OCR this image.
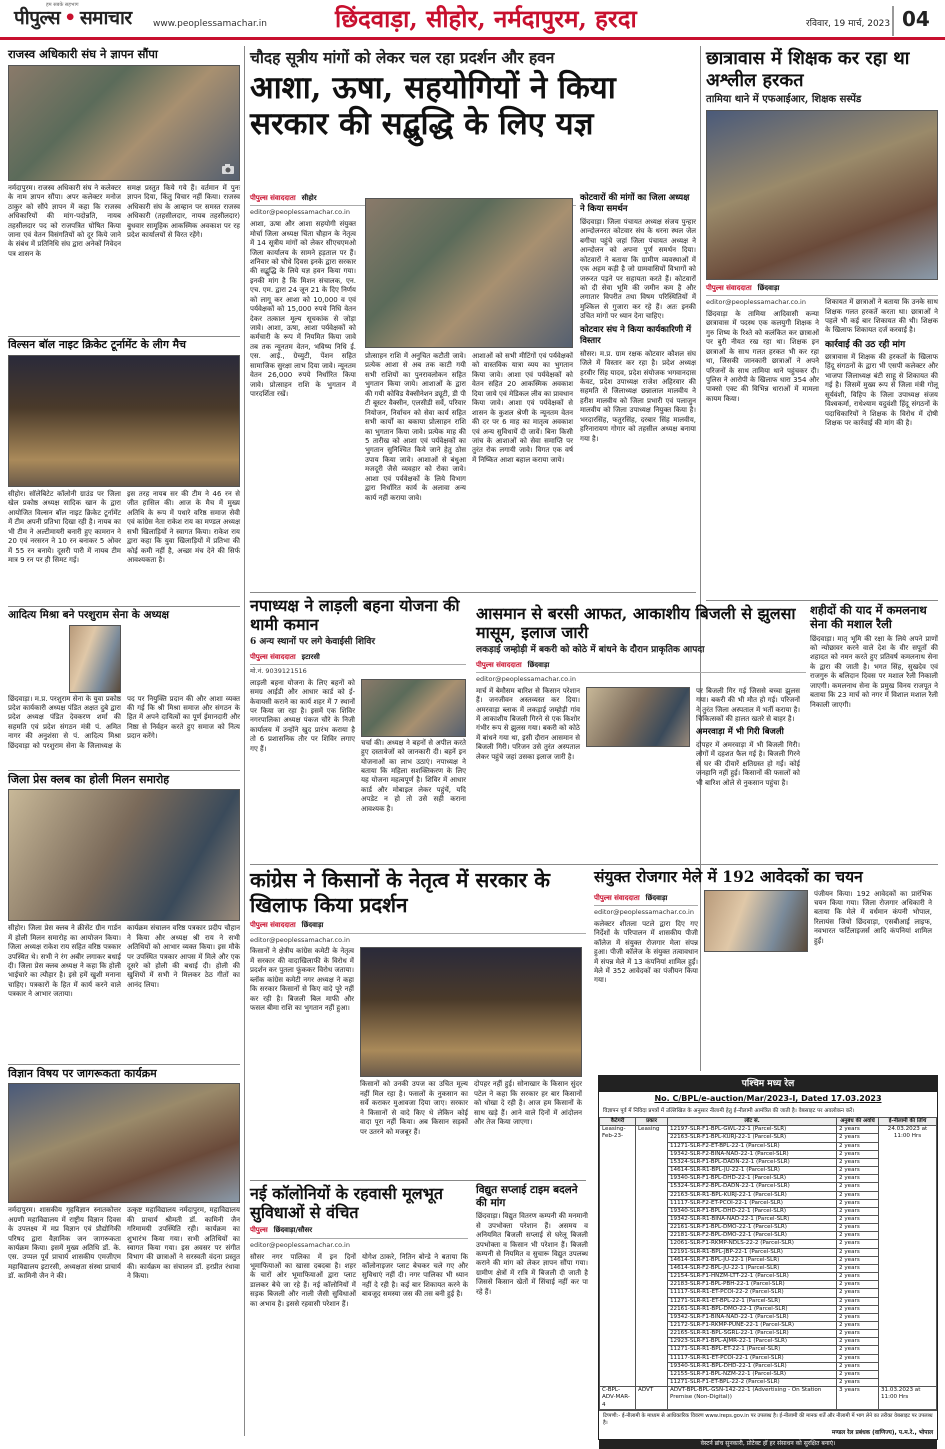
हम सबके सहभाग
पीपुल्स • समाचार www.peoplessamachar.in	छिंदवाड़ा, सीहोर, नर्मदापुरम, हरदा	रविवार, 19 मार्च, 2023 04
राजस्व अधिकारी संघ ने ज्ञापन सौंपा
नर्मदापुरम। राजस्व अधिकारी संघ ने कलेक्टर के नाम ज्ञापन सौंपा। अपर कलेक्टर मनोज ठाकुर को सौंपे ज्ञापन में कहा कि राजस्व अधिकारियों की मांग-पदोन्नति, नायब तहसीलदार पद को राजपत्रित घोषित किया जाना एवं वेतन विसंगतियों को दूर किये जाने के संबंध में प्रतिनिधि संघ द्वारा अनेकों निवेदन पत्र शासन के
समक्ष प्रस्तुत किये गये हैं। वर्तमान में पुनः ज्ञापन दिया, किंतु विचार नहीं किया। राजस्व अधिकारी संघ के आव्हान पर समस्त राजस्व अधिकारी (तहसीलदार, नायब तहसीलदार) बुधवार सामूहिक आकस्मिक अवकाश पर रह प्रदेश कार्यालयों से विरत रहेंगे।
विल्सन बॉल नाइट क्रिकेट टूर्नामेंट के लीग मैच
सीहोर। सॉलेबिटेट कॉलोनी ग्राउंड पर जिला खेल प्रकोष्ठ अध्यक्ष सादिक खान के द्वारा आयोजित विल्सन बॉल नाइट क्रिकेट टूर्नामेंट में टीम अपनी प्रतिभा दिखा रही है। नायब का भी टीम ने अल्टीमायरी बनारी हुए कामरान ने 20 एवं नरसरन ने 10 रन बनाकर 5 ओवर में 55 रन बनाये। दूसरी पारी में नायब टीम मात्र 9 रन पर ही सिमट गई।
इस तरह नायब सर की टीम ने 46 रन से जीत हासिल की। आज के मैच में मुख्य अतिथि के रूप में पधारे वरिष्ठ समाज सेवी एवं कांग्रेस नेता राकेश राय का मण्डल अध्यक्ष सभी खिलाड़ियों ने स्वागत किया। राकेश राय द्वारा कहा कि युवा खिलाड़ियों में प्रतिभा की कोई कमी नहीं है, अच्छा मंच देने की सिर्फ आवश्यकता है।
आदित्य मिश्रा बने परशुराम सेना के अध्यक्ष
छिंदवाड़ा। म.प्र. परशुराम सेना के युवा प्रकोष्ठ प्रदेश कार्यकारी अध्यक्ष पंडित अक्षत दुबे द्वारा प्रदेश अध्यक्ष पंडित देवकरण शर्मा की सहमति एवं प्रदेश संगठन मंत्री पं. अमित नागर की अनुशंसा से पं. आदित्य मिश्रा छिंदवाड़ा को परशुराम सेना के जिलाध्यक्ष के पद पर नियुक्ति प्रदान की और आशा व्यक्त की गई कि श्री मिश्रा समाज और संगठन के हित में अपने दायित्वों का पूर्ण ईमानदारी और निष्ठा से निर्वहन करते हुए समाज को नित्य प्रदान करेंगे।
जिला प्रेस क्लब का होली मिलन समारोह
सीहोर। जिला प्रेस क्लब ने क्रीसेंट ग्रीन गार्डन में होली मिलन समारोह का आयोजन किया। जिला अध्यक्ष राकेश राय सहित वरिष्ठ पत्रकार उपस्थित थे। सभी ने रंग अबीर लगाकर बधाई दी। जिला प्रेस क्लब अध्यक्ष ने कहा कि होली भाईचारे का त्यौहार है। इसे हमें खुशी मनाना चाहिए। पत्रकारों के हित में कार्य करने वाले पत्रकार ने आभार जताया।
कार्यक्रम संचालन वरिष्ठ पत्रकार प्रदीप चौहान ने किया और अध्यक्ष श्री राय ने सभी अतिथियों को आभार व्यक्त किया। इस मौके पर उपस्थित पत्रकार आपस में मिले और एक दूसरे को होली की बधाई दी। होली की खुशियों में सभी ने मिलकर ठेठ गीतों का आनंद लिया।
विज्ञान विषय पर जागरूकता कार्यक्रम
नर्मदापुरम। शासकीय गृहविज्ञान स्नातकोत्तर अग्रणी महाविद्यालय में राष्ट्रीय विज्ञान दिवस के उपलक्ष्य में मप्र विज्ञान एवं प्रौद्योगिकी परिषद द्वारा वैज्ञानिक जन जागरूकता कार्यक्रम किया। इसमें मुख्य अतिथि डॉ. के. एस. उप्पल पूर्व प्राचार्य शासकीय एमजीएम महाविद्यालय इटारसी, अध्यक्षता संस्था प्राचार्य डॉ. कामिनी जैन ने की।
उत्कृष्ट महाविद्यालय नर्मदापुरम, महाविद्यालय की प्राचार्य श्रीमती डॉ. कामिनी जैन गरिमामयी उपस्थिति रही। कार्यक्रम का शुभारंभ किया गया। सभी अतिथियों का स्वागत किया गया। इस अवसर पर संगीत विभाग की छात्राओं ने सरस्वती वंदना प्रस्तुत की। कार्यक्रम का संचालन डॉ. हरप्रीत रंधावा ने किया।
चौदह सूत्रीय मांगों को लेकर चल रहा प्रदर्शन और हवन
आशा, ऊषा, सहयोगियों ने किया सरकार की सद्बुद्धि के लिए यज्ञ
पीपुल्स संवाददाता सीहोर
editor@peoplessamachar.co.in
आशा, ऊषा और आशा सहयोगी संयुक्त मोर्चा जिला अध्यक्ष चिंता चौहान के नेतृत्व में 14 सूत्रीय मांगों को लेकर सीएचएमओ जिला कार्यालय के सामने हड़ताल पर हैं। शनिवार को चौथे दिवस इनके द्वारा सरकार की सद्बुद्धि के लिये यज्ञ हवन किया गया। इनकी मांग है कि मिशन संचालक, एन. एच. एम. द्वारा 24 जून 21 के दिए निर्णय को लागू कर आशा को 10,000 व एवं पर्यवेक्षकों को 15,000 रुपये निधि वेतन देकर तत्काल मूल्य सूचकांक से जोड़ा जावे। आशा, ऊषा, आशा पर्यवेक्षकों को कर्मचारी के रूप में नियमित किया जावे तब तक न्यूनतम वेतन, भविष्य निधि ई. एस. आई., ग्रेच्युटी, पेंशन सहित सामाजिक सुरक्षा लाभ दिया जावे। न्यूनतम वेतन 26,000 रुपये निर्धारित किया जावे। प्रोत्साहन राशि के भुगतान में पारदर्शिता रखें।
प्रोत्साहन राशि में अनुचित कटौती जावे। प्रत्येक आशा से अब तक काटी गयी सभी राशियों का पुनरावलोकन सहित भुगतान किया जाये। आशाओं के द्वारा की गयी कोविड वैक्सीनेशन ड्यूटी, डी पी टी बूस्टर वैक्सीन, एलसीडी सर्वे, परिवार नियोजन, निर्वाचन को सेवा कार्य सहित सभी कार्यों का बकाया प्रोत्साहन राशि का भुगतान किया जावे। प्रत्येक माह की 5 तारीख को आशा एवं पर्यवेक्षकों का भुगतान सुनिश्चित किये जाने हेतु ठोस उपाय किया जावे। आशाओं से बंधुआ मजदूरी जैसे व्यवहार को रोका जावे। आशा एवं पर्यवेक्षकों के लिये विभाग द्वारा निर्धारित कार्य के अलावा अन्य कार्य नहीं कराया जावे।
आशाओं को सभी मीटिंगों एवं पर्यवेक्षकों को वास्तविक यात्रा व्यय का भुगतान किया जावे। आशा एवं पर्यवेक्षकों को वेतन सहित 20 आकस्मिक अवकाश दिया जाये एवं मेडिकल लीव का प्रावधान किया जावे। आशा एवं पर्यवेक्षकों से शासन के कुशल श्रेणी के न्यूनतम वेतन की दर पर 6 माह का मातृत्व अवकाश एवं अन्य सुविधायें दी जावें। बिना किसी जांच के आशाओं को सेवा समाप्ति पर तुरंत रोक लगायी जावे। विगत एक वर्ष में निष्कित आशा बहाल कराया जाये।
कोटवारों की मांगों का जिला अध्यक्ष ने किया समर्थन
छिंदवाड़ा। जिला पंचायत अध्यक्ष संजय पुन्हार आन्दोलनरत कोटवार संघ के धरना स्थल जेल बगीचा पहुंचे जहां जिला पंचायत अध्यक्ष ने आन्दोलन को अपना पूर्ण समर्थन दिया। कोटवारों ने बताया कि ग्रामीण व्यवस्थाओं में एक अहम कड़ी है जो ग्रामवासियों विभागों को जरूरत पड़ने पर सहायता करते हैं। कोटवारों को दी सेवा भूमि की जमीन कम है और लगातार विपरीत तथा विषम परिस्थितियों में मुश्किल से गुजारा कर रहे हैं। अतः इनकी उचित मांगों पर ध्यान देना चाहिए।
कोटवार संघ ने किया कार्यकारिणी में विस्तार
सौसर। म.प्र. ग्राम रक्षक कोटवार कौशल संघ जिले में विस्तार कर रहा है। प्रदेश अध्यक्ष हरवीर सिंह यादव, प्रदेश संयोजक भगवानदास केवट, प्रदेश उपाध्यक्ष राजेश अहिरवार की सहमति से जिलाध्यक्ष छन्नालाल मालवीय ने हरीश मालवीय को जिला प्रभारी एवं पलाजुन मालवीय को जिला उपाध्यक्ष नियुक्त किया है। भरदारसिंह, फतुरसिंह, दरबार सिंह मालवीय, हरिनारायण गोगार को तहसील अध्यक्ष बनाया गया है।
छात्रावास में शिक्षक कर रहा था अश्लील हरकत
तामिया थाने में एफआईआर, शिक्षक सस्पेंड
पीपुल्स संवाददाता छिंदवाड़ा
editor@peoplessamachar.co.in
छिंदवाड़ा के तामिया आदिवासी कन्या छात्रावास में पदस्थ एक कलयुगी शिक्षक ने गुरु शिष्य के रिश्ते को कलंकित कर छात्राओं पर बुरी नीयत रख रहा था। शिक्षक इन छात्राओं के साथ गलत हरकत भी कर रहा था, जिसकी जानकारी छात्राओं ने अपने परिजनों के साथ तामिया थाने पहुंचकर दी। पुलिस ने आरोपी के खिलाफ धारा 354 और पाक्सो एक्ट की विभिन्न धाराओं में मामला कायम किया।
शिकायत में छात्राओं ने बताया कि उनके साथ शिक्षक गलत हरकतें करता था। छात्राओं ने पहले भी कई बार शिकायत की थी। शिक्षक के खिलाफ शिकायत दर्ज करवाई है।
कार्रवाई की उठ रही मांग
छात्रावास में शिक्षक की हरकतों के खिलाफ हिंदू संगठनों के द्वारा भी एसपी कलेक्टर और भाजपा जिलाध्यक्ष बंटी साहू से शिकायत की गई है। जिसमें मुख्य रूप से जिला मंत्री गोलू सूर्यवंशी, विहिप के जिला उपाध्यक्ष संजय विश्वकर्मा, राधेश्याम यदुवंशी हिंदू संगठनों के पदाधिकारियों ने शिक्षक के विरोध में दोषी शिक्षक पर कार्रवाई की मांग की है।
शहीदों की याद में कमलनाथ सेना की मशाल रैली
छिंदवाड़ा। मातृ भूमि की रक्षा के लिये अपने प्राणों को न्योछावर करने वाले देश के वीर सपूतों की शहादत को नमन करते हुए प्रतिवर्ष कमलनाथ सेना के द्वारा की जाती है। भगत सिंह, सुखदेव एवं राजगुरु के बलिदान दिवस पर मशाल रैली निकाली जाएगी। कमलनाथ सेना के प्रमुख विनय राजपूत ने बताया कि 23 मार्च को नगर में विशाल मशाल रैली निकाली जाएगी।
नपाध्यक्ष ने लाड़ली बहना योजना की थामी कमान
6 अन्य स्थानों पर लगे केवाईसी शिविर
पीपुल्स संवाददाता इटारसी
मो.नं. 9039121516
लाड़ली बहना योजना के लिए बहनों को समग्र आईडी और आधार कार्ड को ई-केवायसी कराने का कार्य शहर में 7 स्थानों पर किया जा रहा है। इसमें एक शिविर नगरपालिका अध्यक्ष पंकज चौरे के निजी कार्यालय में उन्होंने खुद प्रारंभ कराया है तो 6 प्रशासनिक तौर पर शिविर लगाए गए हैं।
चर्चा की। अध्यक्ष ने बहनों से अपील करते हुए दस्तावेजों को जानकारी दी। बहनें इन योजनाओं का लाभ उठाएं। नपाध्यक्ष ने बताया कि महिला सशक्तिकरण के लिए यह योजना महत्वपूर्ण है। शिविर में आधार कार्ड और मोबाइल लेकर पहुंचें, यदि अपडेट न हो तो उसे सही कराना आवश्यक है।
आसमान से बरसी आफत, आकाशीय बिजली से झुलसा मासूम, इलाज जारी
लकड़ाई जम्होड़ी में बकरी को कोठे में बांधने के दौरान प्राकृतिक आपदा
पीपुल्स संवाददाता छिंदवाड़ा
editor@peoplessamachar.co.in
मार्च में बेमौसम बारिश से किसान परेशान हैं। जनजीवन अस्तव्यस्त कर दिया। अमरवाड़ा ब्लाक में लकड़ाई जम्होड़ी गांव में आकाशीय बिजली गिरने से एक किशोर गंभीर रूप से झुलस गया। बकरी को कोठे में बांधने गया था, इसी दौरान आसमान से बिजली गिरी। परिजन उसे तुरंत अस्पताल लेकर पहुंचे जहां उसका इलाज जारी है।
पर बिजली गिर गई जिससे बच्चा झुलस गया। बकरी की भी मौत हो गई। परिजनों ने तुरंत जिला अस्पताल में भर्ती कराया है। चिकित्सकों की हालत खतरे से बाहर है।
अमरवाड़ा में भी गिरी बिजली
दोपहर में अमरवाड़ा में भी बिजली गिरी। लोगों में दहशत फैल गई है। बिजली गिरने से घर की दीवारें क्षतिग्रस्त हो गईं। कोई जनहानि नहीं हुई। किसानों की फसलों को भी बारिश ओले से नुकसान पहुंचा है।
कांग्रेस ने किसानों के नेतृत्व में सरकार के खिलाफ किया प्रदर्शन
पीपुल्स संवाददाता छिंदवाड़ा
editor@peoplessamachar.co.in
किसानों ने क्षेत्रीय कांग्रेस कमेटी के नेतृत्व में सरकार की वादाखिलाफी के विरोध में प्रदर्शन कर पुतला फूंककर विरोध जताया। ब्लॉक कांग्रेस कमेटी नगर अध्यक्ष ने कहा कि सरकार किसानों से किए वादे पूरे नहीं कर रही है। बिजली बिल माफी और फसल बीमा राशि का भुगतान नहीं हुआ।
किसानों को उनकी उपज का उचित मूल्य नहीं मिल रहा है। फसलों के नुकसान का सर्वे कराकर मुआवजा दिया जाए। सरकार ने किसानों से वादे किए थे लेकिन कोई वादा पूरा नहीं किया। अब किसान सड़कों पर उतरने को मजबूर हैं।
दोपहर नहीं हुई। सोनाखार के किसान सुंदर पटेल ने कहा कि सरकार हर बार किसानों को धोखा दे रही है। आज हम किसानों के साथ खड़े हैं। आने वाले दिनों में आंदोलन और तेज किया जाएगा।
संयुक्त रोजगार मेले में 192 आवेदकों का चयन
पीपुल्स संवाददाता छिंदवाड़ा
editor@peoplessamachar.co.in
कलेक्टर शीतला पटले द्वारा दिए गए निर्देशों के परिपालन में शासकीय पीजी कॉलेज में संयुक्त रोजगार मेला संपन्न हुआ। पीजी कॉलेज के संयुक्त तत्वावधान में संपन्न मेले में 13 कंपनियां शामिल हुईं। मेले में 352 आवेदकों का पंजीयन किया गया।
पंजीयन किया। 192 आवेदकों का प्रारंभिक चयन किया गया। जिला रोजगार अधिकारी ने बताया कि मेले में वर्धमान कंपनी भोपाल, रिलायंस जियो छिंदवाड़ा, एसबीआई लाइफ, नवभारत फर्टिलाइजर्स आदि कंपनियां शामिल हुईं।
नई कॉलोनियों के रहवासी मूलभूत सुविधाओं से वंचित
पीपुल्स छिंदवाड़ा/सौसर
editor@peoplessamachar.co.in
सौसर नगर पालिका में इन दिनों भूमाफियाओं का खासा दबदबा है। शहर के चारों ओर भूमाफियाओं द्वारा प्लाट डालकर बेचे जा रहे हैं। नई कॉलोनियों में सड़क बिजली और नाली जैसी सुविधाओं का अभाव है। इससे रहवासी परेशान हैं।
योगेश ठाकरे, नितिन बोन्डे ने बताया कि कॉलोनाइजर प्लाट बेचकर चले गए और सुविधाएं नहीं दी। नगर पालिका भी ध्यान नहीं दे रही है। कई बार शिकायत करने के बावजूद समस्या जस की तस बनी हुई है।
विद्युत सप्लाई टाइम बदलने की मांग
छिंदवाड़ा। विद्युत वितरण कम्पनी की मनमानी से उपभोक्ता परेशान हैं। असमय व अनियमित बिजली सप्लाई से घरेलू बिजली उपभोक्ता व किसान भी परेशान हैं। बिजली कम्पनी से नियमित व सुचारू विद्युत उपलब्ध कराने की मांग को लेकर ज्ञापन सौंपा गया। ग्रामीण क्षेत्रों में रात्रि में बिजली दी जाती है जिससे किसान खेतों में सिंचाई नहीं कर पा रहे हैं।
पश्चिम मध्य रेल
No. C/BPL/e-auction/Mar/2023-I, Dated 17.03.2023
विज्ञापन पूर्व में निविदा प्रपत्रों में उल्लिखित के अनुसार नीलामी हेतु ई-नीलामी आमंत्रित की जाती है। वेबसाइट पर अवलोकन करें।
कैटेगरी	प्रकार	लॉट सं.	अनुबंध की अवधि	ई-नीलामी की तिथि
Leasing-Feb-23-	Leasing	12197-SLR-F1-BPL-GWL-22-1 (Parcel-SLR)	2 years	24.03.2023 at 11:00 Hrs
		22163-SLR-F1-BPL-KURJ-22-1 (Parcel-SLR)	2 years	
		11271-SLR-F2-ET-BPL-22-1 (Parcel-SLR)	2 years	
		19342-SLR-F2-BINA-NAD-22-1 (Parcel-SLR)	2 years	
		15324-SLR-F1-BPL-DADN-22-1 (Parcel-SLR)	2 years	
		14614-SLR-R1-BPL-JU-22-1 (Parcel-SLR)	2 years	
		19340-SLR-F1-BPL-DHD-22-1 (Parcel-SLR)	2 years	
		15324-SLR-F2-BPL-DADN-22-1 (Parcel-SLR)	2 years	
		22163-SLR-R1-BPL-KURJ-22-1 (Parcel-SLR)	2 years	
		11117-SLR-F2-ET-PCOI-22-1 (Parcel-SLR)	2 years	
		19340-SLR-F1-BPL-DHD-22-1 (Parcel-SLR)	2 years	
		19342-SLR-R1-BINA-NAD-22-1 (Parcel-SLR)	2 years	
		22161-SLR-F1-BPL-DMO-22-1 (Parcel-SLR)	2 years	
		22181-SLR-F2-BPL-DMO-22-1 (Parcel-SLR)	2 years	
		12061-SLR-F1-RKMP-NDLS-22-2 (Parcel-SLR)	2 years	
		12191-SLR-R1-BPL-JBP-22-1 (Parcel-SLR)	2 years	
		14614-SLR-F1-BPL-JU-22-1 (Parcel-SLR)	2 years	
		14614-SLR-F2-BPL-JU-22-1 (Parcel-SLR)	2 years	
		12154-SLR-F1-HNZM-LTT-22-1 (Parcel-SLR)	2 years	
		22183-SLR-F1-BPL-PBH-22-1 (Parcel-SLR)	2 years	
		11117-SLR-R1-ET-PCOI-22-2 (Parcel-SLR)	2 years	
		11271-SLR-R1-ET-BPL-22-1 (Parcel-SLR)	2 years	
		22161-SLR-R1-BPL-DMO-22-1 (Parcel-SLR)	2 years	
		19342-SLR-F1-BINA-NAD-22-1 (Parcel-SLR)	2 years	
		12172-SLR-F1-RKMP-PUNE-22-1 (Parcel-SLR)	2 years	
		22165-SLR-R1-BPL-SGRL-22-1 (Parcel-SLR)	2 years	
		12923-SLR-F1-BPL-AJMR-22-1 (Parcel-SLR)	2 years	
		11271-SLR-R1-BPL-ET-22-1 (Parcel-SLR)	2 years	
		11117-SLR-R1-ET-PCOI-22-1 (Parcel-SLR)	2 years	
		19340-SLR-R1-BPL-DHD-22-1 (Parcel-SLR)	2 years	
		12155-SLR-F1-BPL-NZM-22-1 (Parcel-SLR)	2 years	
		11271-SLR-F1-ET-BPL-22-2 (Parcel-SLR)	2 years	
C-BPL-ADV-MAR-4	ADVT	ADVT-BPL-BPL-GSN-142-22-1 (Advertising - On Station Premise (Non-Digital))	3 years	31.03.2023 at 11:00 Hrs
टिप्पणी:- ई-नीलामी के माध्यम से आधिकारिक विवरण www.ireps.gov.in पर उपलब्ध है। ई-नीलामी की मानक शर्तें और नीलामी में भाग लेने का तरीका वेबसाइट पर उपलब्ध है।
मण्डल रेल प्रबंधक (वाणिज्य), प.म.रे., भोपाल
वेस्टर्न ब्रांच सुनकारी, प्रोटेक्ट हॉ हर संसाधन को सुरक्षित बनाएं।
